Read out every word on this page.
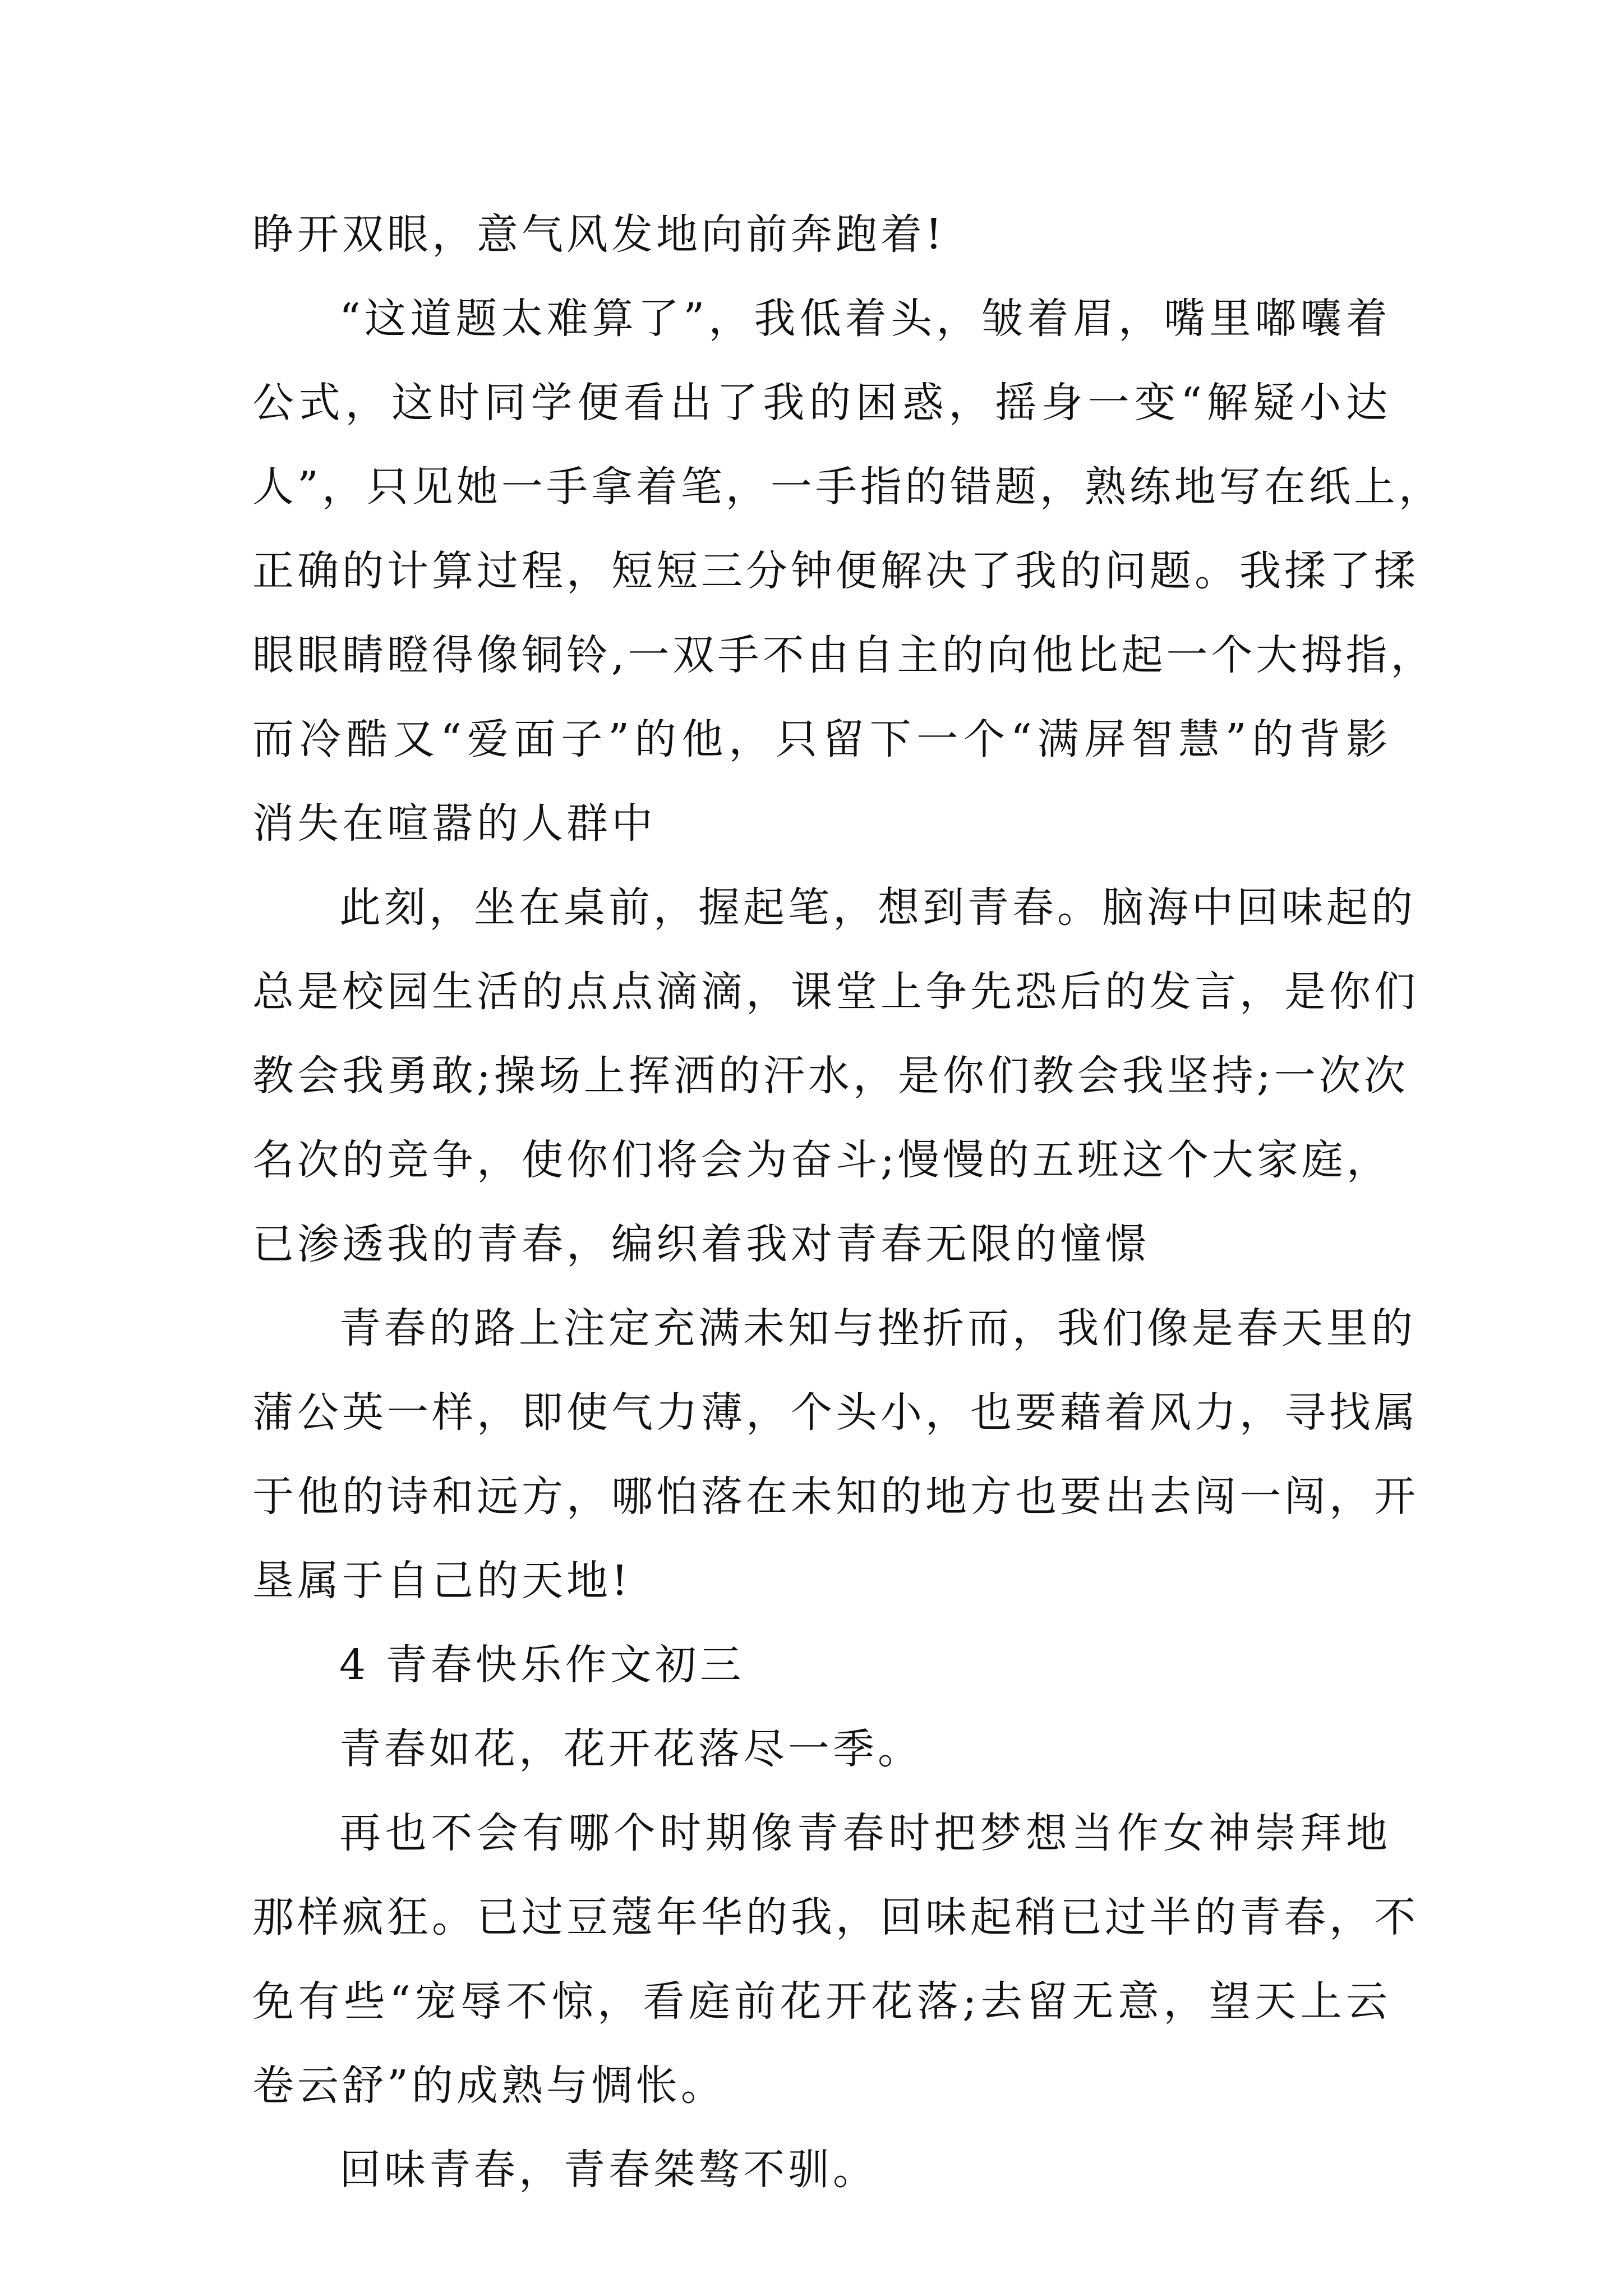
睁开双眼，意气风发地向前奔跑着!
“这道题太难算了”，我低着头，皱着眉，嘴里嘟囔着
公式，这时同学便看出了我的困惑，摇身一变“解疑小达
人”，只见她一手拿着笔，一手指的错题，熟练地写在纸上，
正确的计算过程，短短三分钟便解决了我的问题。我揉了揉
眼眼睛瞪得像铜铃,一双手不由自主的向他比起一个大拇指，
而冷酷又“爱面子”的他，只留下一个“满屏智慧”的背影
消失在喧嚣的人群中
此刻，坐在桌前，握起笔，想到青春。脑海中回味起的
总是校园生活的点点滴滴，课堂上争先恐后的发言，是你们
教会我勇敢;操场上挥洒的汗水，是你们教会我坚持;一次次
名次的竞争，使你们将会为奋斗;慢慢的五班这个大家庭，
已渗透我的青春，编织着我对青春无限的憧憬
青春的路上注定充满未知与挫折而，我们像是春天里的
蒲公英一样，即使气力薄，个头小，也要藉着风力，寻找属
于他的诗和远方，哪怕落在未知的地方也要出去闯一闯，开
垦属于自己的天地!
4 青春快乐作文初三
青春如花，花开花落尽一季。
再也不会有哪个时期像青春时把梦想当作女神崇拜地
那样疯狂。已过豆蔻年华的我，回味起稍已过半的青春，不
免有些“宠辱不惊，看庭前花开花落;去留无意，望天上云
卷云舒”的成熟与惆怅。
回味青春，青春桀骜不驯。
